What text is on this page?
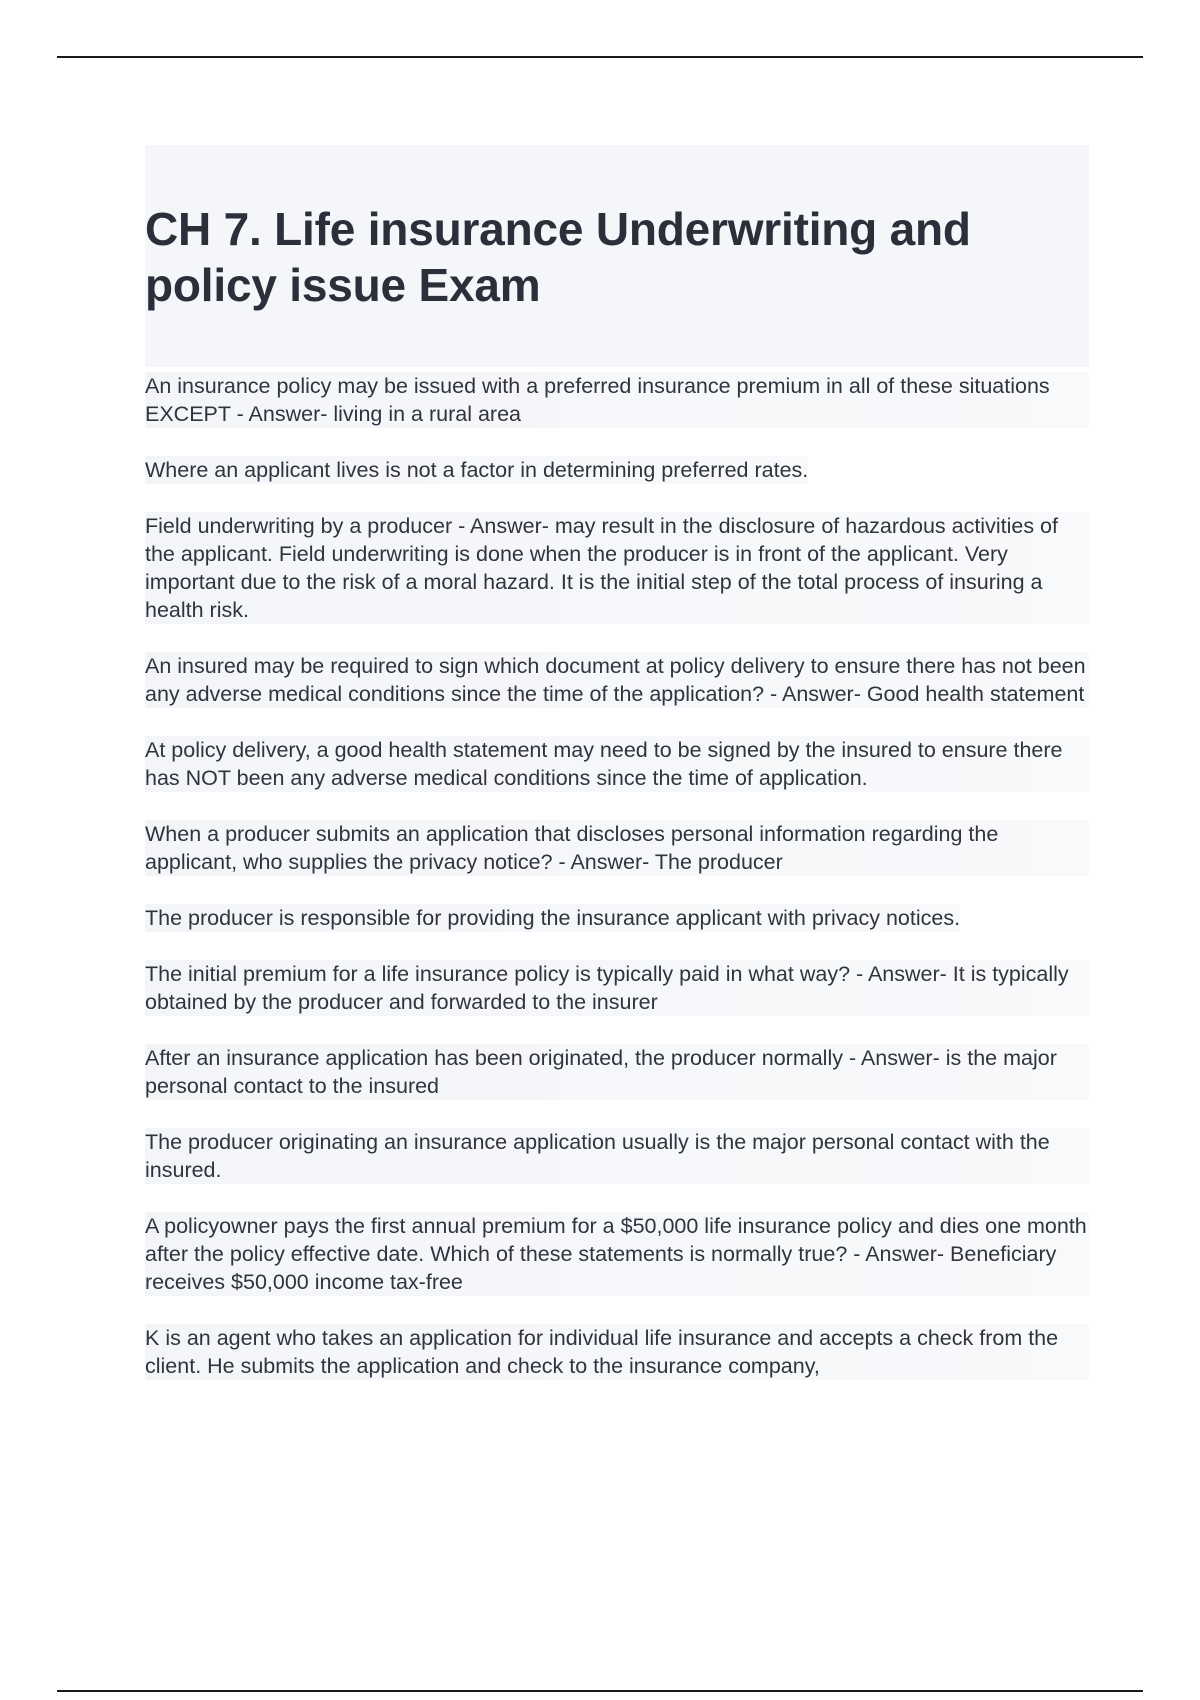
CH 7. Life insurance Underwriting and policy issue Exam

An insurance policy may be issued with a preferred insurance premium in all of these situations EXCEPT - Answer- living in a rural area

Where an applicant lives is not a factor in determining preferred rates.

Field underwriting by a producer - Answer- may result in the disclosure of hazardous activities of the applicant. Field underwriting is done when the producer is in front of the applicant. Very important due to the risk of a moral hazard. It is the initial step of the total process of insuring a health risk.

An insured may be required to sign which document at policy delivery to ensure there has not been any adverse medical conditions since the time of the application? - Answer- Good health statement

At policy delivery, a good health statement may need to be signed by the insured to ensure there has NOT been any adverse medical conditions since the time of application.

When a producer submits an application that discloses personal information regarding the applicant, who supplies the privacy notice? - Answer- The producer

The producer is responsible for providing the insurance applicant with privacy notices.

The initial premium for a life insurance policy is typically paid in what way? - Answer- It is typically obtained by the producer and forwarded to the insurer

After an insurance application has been originated, the producer normally - Answer- is the major personal contact to the insured

The producer originating an insurance application usually is the major personal contact with the insured.

A policyowner pays the first annual premium for a $50,000 life insurance policy and dies one month after the policy effective date. Which of these statements is normally true? - Answer- Beneficiary receives $50,000 income tax-free

K is an agent who takes an application for individual life insurance and accepts a check from the client. He submits the application and check to the insurance company,
